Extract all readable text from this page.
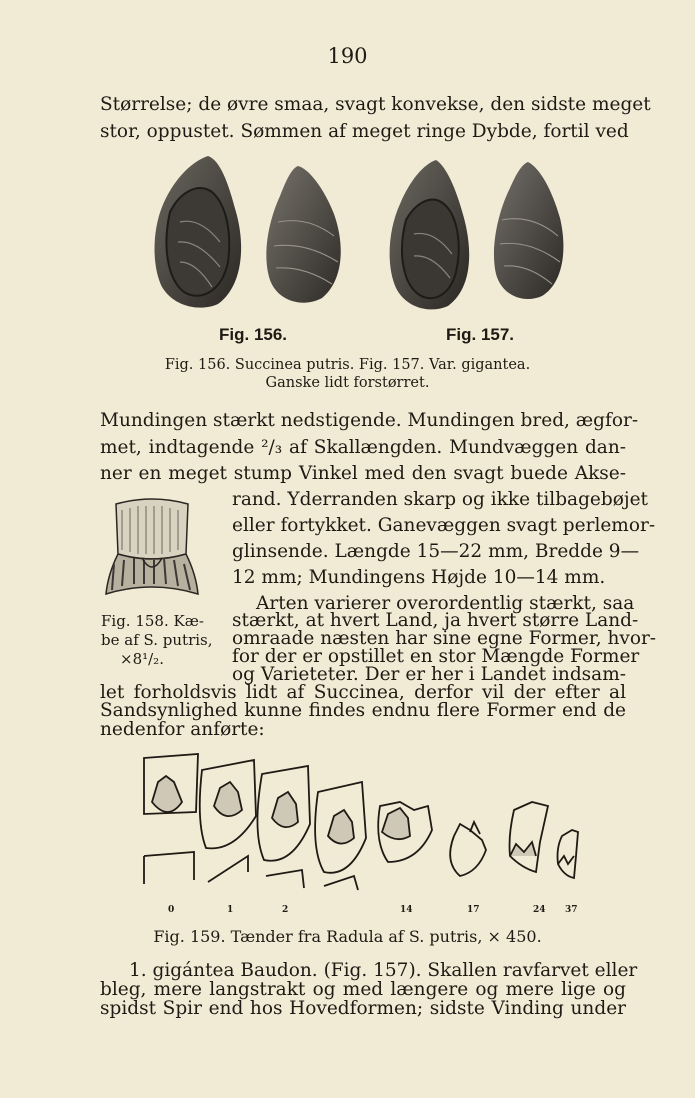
190
Størrelse; de øvre smaa, svagt konvekse, den sidste meget
stor, oppustet. Sømmen af meget ringe Dybde, fortil ved
Fig. 156.	Fig. 157.
Fig. 156. Succinea putris. Fig. 157. Var. gigantea.
Ganske lidt forstørret.
Mundingen stærkt nedstigende. Mundingen bred, ægfor-
met, indtagende ²/₃ af Skallængden. Mundvæggen dan-
ner en meget stump Vinkel med den svagt buede Akse-
rand. Yderranden skarp og ikke tilbagebøjet
eller fortykket. Ganevæggen svagt perlemor-
glinsende. Længde 15—22 mm, Bredde 9—
12 mm; Mundingens Højde 10—14 mm.
Arten varierer overordentlig stærkt, saa
stærkt, at hvert Land, ja hvert større Land-
omraade næsten har sine egne Former, hvor-
for der er opstillet en stor Mængde Former
og Varieteter. Der er her i Landet indsam-
Fig. 158. Kæ-
be af S. putris,
×8¹/₂.
let forholdsvis lidt af Succinea, derfor vil der efter al
Sandsynlighed kunne findes endnu flere Former end de
nedenfor anførte:
0	1	2	14	17	24 37
Fig. 159. Tænder fra Radula af S. putris, × 450.
1. gigántea Baudon. (Fig. 157). Skallen ravfarvet eller
bleg, mere langstrakt og med længere og mere lige og
spidst Spir end hos Hovedformen; sidste Vinding under
